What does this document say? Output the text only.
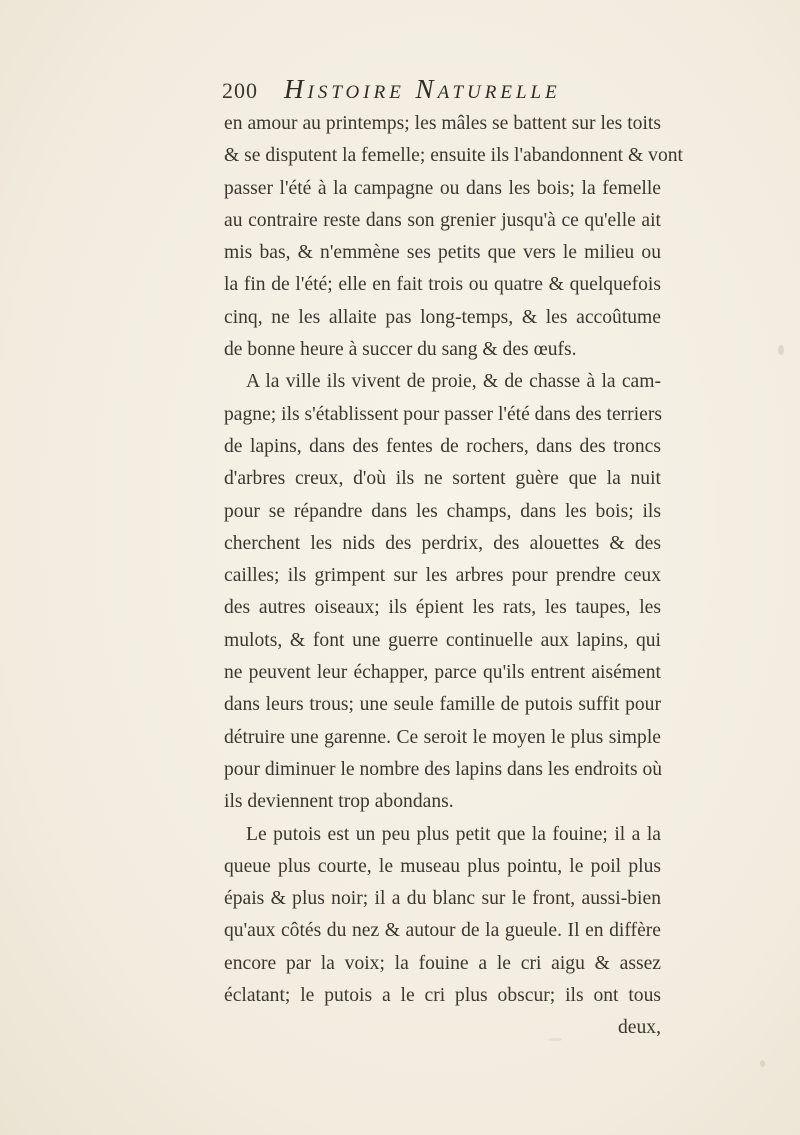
200 Histoire Naturelle
en amour au printemps; les mâles se battent sur les toits
& se disputent la femelle; ensuite ils l'abandonnent & vont
passer l'été à la campagne ou dans les bois; la femelle
au contraire reste dans son grenier jusqu'à ce qu'elle ait
mis bas, & n'emmène ses petits que vers le milieu ou
la fin de l'été; elle en fait trois ou quatre & quelquefois
cinq, ne les allaite pas long-temps, & les accoûtume
de bonne heure à succer du sang & des œufs.
A la ville ils vivent de proie, & de chasse à la cam-
pagne; ils s'établissent pour passer l'été dans des terriers
de lapins, dans des fentes de rochers, dans des troncs
d'arbres creux, d'où ils ne sortent guère que la nuit
pour se répandre dans les champs, dans les bois; ils
cherchent les nids des perdrix, des alouettes & des
cailles; ils grimpent sur les arbres pour prendre ceux
des autres oiseaux; ils épient les rats, les taupes, les
mulots, & font une guerre continuelle aux lapins, qui
ne peuvent leur échapper, parce qu'ils entrent aisément
dans leurs trous; une seule famille de putois suffit pour
détruire une garenne. Ce seroit le moyen le plus simple
pour diminuer le nombre des lapins dans les endroits où
ils deviennent trop abondans.
Le putois est un peu plus petit que la fouine; il a la
queue plus courte, le museau plus pointu, le poil plus
épais & plus noir; il a du blanc sur le front, aussi-bien
qu'aux côtés du nez & autour de la gueule. Il en diffère
encore par la voix; la fouine a le cri aigu & assez
éclatant; le putois a le cri plus obscur; ils ont tous
deux,
